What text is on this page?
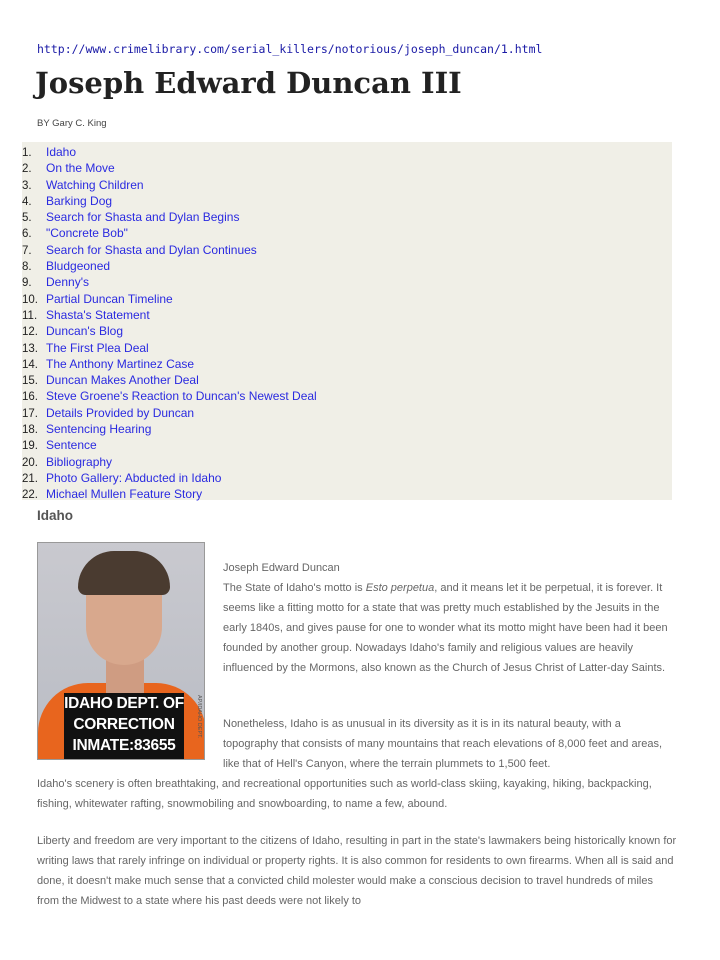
http://www.crimelibrary.com/serial_killers/notorious/joseph_duncan/1.html
Joseph Edward Duncan III
BY Gary C. King
1. Idaho
2. On the Move
3. Watching Children
4. Barking Dog
5. Search for Shasta and Dylan Begins
6. "Concrete Bob"
7. Search for Shasta and Dylan Continues
8. Bludgeoned
9. Denny's
10. Partial Duncan Timeline
11. Shasta's Statement
12. Duncan's Blog
13. The First Plea Deal
14. The Anthony Martinez Case
15. Duncan Makes Another Deal
16. Steve Groene's Reaction to Duncan's Newest Deal
17. Details Provided by Duncan
18. Sentencing Hearing
19. Sentence
20. Bibliography
21. Photo Gallery: Abducted in Idaho
22. Michael Mullen Feature Story
Idaho
IDAHO DEPT. OF
CORRECTION
INMATE:83655
AP/IDAHO DEPT.
Joseph Edward Duncan

The State of Idaho's motto is Esto perpetua, and it means let it be perpetual, it is forever. It seems like a fitting motto for a state that was pretty much established by the Jesuits in the early 1840s, and gives pause for one to wonder what its motto might have been had it been founded by another group. Nowadays Idaho's family and religious values are heavily influenced by the Mormons, also known as the Church of Jesus Christ of Latter-day Saints.

Nonetheless, Idaho is as unusual in its diversity as it is in its natural beauty, with a topography that consists of many mountains that reach elevations of 8,000 feet and areas, like that of Hell's Canyon, where the terrain plummets to 1,500 feet.

Idaho's scenery is often breathtaking, and recreational opportunities such as world-class skiing, kayaking, hiking, backpacking, fishing, whitewater rafting, snowmobiling and snowboarding, to name a few, abound.

Liberty and freedom are very important to the citizens of Idaho, resulting in part in the state's lawmakers being historically known for writing laws that rarely infringe on individual or property rights. It is also common for residents to own firearms. When all is said and done, it doesn't make much sense that a convicted child molester would make a conscious decision to travel hundreds of miles from the Midwest to a state where his past deeds were not likely to
